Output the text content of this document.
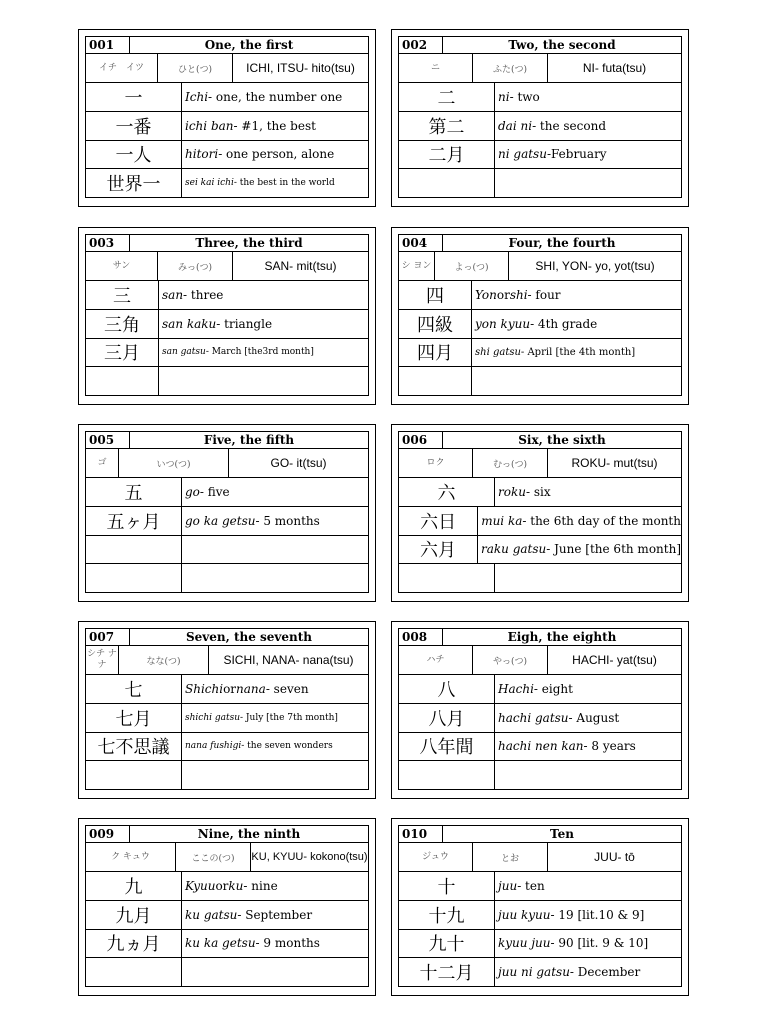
001	One, the first
イチ　イツ	ひと(つ)	ICHI, ITSU- hito(tsu)
一	Ichi - one, the number one
一番	ichi ban - #1, the best
一人	hitori - one person, alone
世界一	sei kai ichi - the best in the world
002	Two, the second
ニ	ふた(つ)	NI- futa(tsu)
二	ni - two
第二	dai ni - the second
二月	ni gatsu -February
003	Three, the third
サン	みっ(つ)	SAN- mit(tsu)
三	san - three
三角	san kaku - triangle
三月	san gatsu - March [the3rd month]
004	Four, the fourth
シ ヨン	よっ(つ)	SHI, YON- yo, yot(tsu)
四	Yon or shi - four
四級	yon kyuu - 4th grade
四月	shi gatsu - April [the 4th month]
005	Five, the fifth
ゴ	いつ(つ)	GO- it(tsu)
五	go - five
五ヶ月	go ka getsu - 5 months
006	Six, the sixth
ロク	むっ(つ)	ROKU- mut(tsu)
六	roku - six
六日	mui ka - the 6th day of the month
六月	raku gatsu - June [the 6th month]
007	Seven, the seventh
シチ ナナ	なな(つ)	SICHI, NANA- nana(tsu)
七	Shichi or nana - seven
七月	shichi gatsu - July [the 7th month]
七不思議	nana fushigi - the seven wonders
008	Eigh, the eighth
ハチ	やっ(つ)	HACHI- yat(tsu)
八	Hachi - eight
八月	hachi gatsu - August
八年間	hachi nen kan - 8 years
009	Nine, the ninth
ク キュウ	ここの(つ)	KU, KYUU- kokono(tsu)
九	Kyuu or ku - nine
九月	ku gatsu - September
九ヵ月	ku ka getsu - 9 months
010	Ten
ジュウ	とお	JUU- tō
十	juu - ten
十九	juu kyuu - 19 [lit.10 & 9]
九十	kyuu juu - 90 [lit. 9 & 10]
十二月	juu ni gatsu - December
